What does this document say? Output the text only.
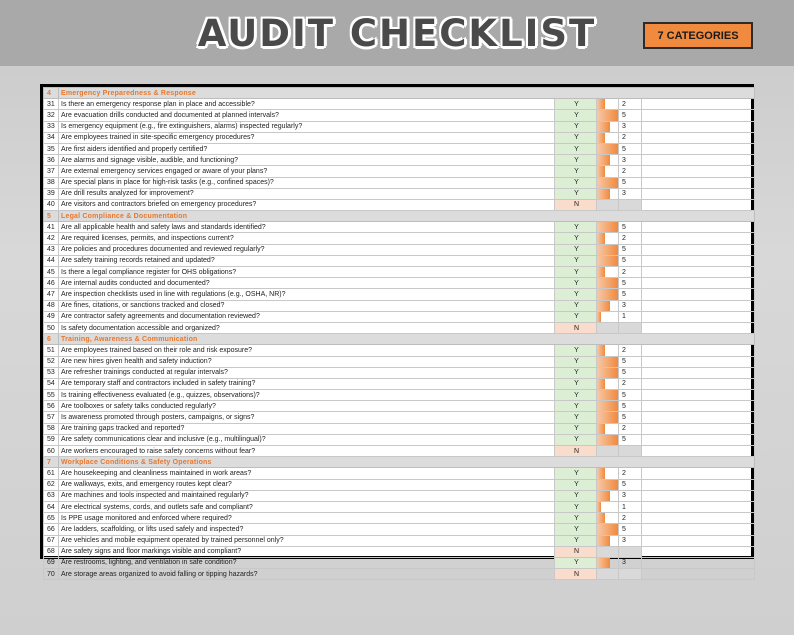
AUDIT CHECKLIST	7 CATEGORIES
4	Emergency Preparedness & Response				
31	Is there an emergency response plan in place and accessible?	Y		2	
32	Are evacuation drills conducted and documented at planned intervals?	Y		5	
33	Is emergency equipment (e.g., fire extinguishers, alarms) inspected regularly?	Y		3	
34	Are employees trained in site-specific emergency procedures?	Y		2	
35	Are first aiders identified and properly certified?	Y		5	
36	Are alarms and signage visible, audible, and functioning?	Y		3	
37	Are external emergency services engaged or aware of your plans?	Y		2	
38	Are special plans in place for high-risk tasks (e.g., confined spaces)?	Y		5	
39	Are drill results analyzed for improvement?	Y		3	
40	Are visitors and contractors briefed on emergency procedures?	N			
5	Legal Compliance & Documentation				
41	Are all applicable health and safety laws and standards identified?	Y		5	
42	Are required licenses, permits, and inspections current?	Y		2	
43	Are policies and procedures documented and reviewed regularly?	Y		5	
44	Are safety training records retained and updated?	Y		5	
45	Is there a legal compliance register for OHS obligations?	Y		2	
46	Are internal audits conducted and documented?	Y		5	
47	Are inspection checklists used in line with regulations (e.g., OSHA, NR)?	Y		5	
48	Are fines, citations, or sanctions tracked and closed?	Y		3	
49	Are contractor safety agreements and documentation reviewed?	Y		1	
50	Is safety documentation accessible and organized?	N			
6	Training, Awareness & Communication				
51	Are employees trained based on their role and risk exposure?	Y		2	
52	Are new hires given health and safety induction?	Y		5	
53	Are refresher trainings conducted at regular intervals?	Y		5	
54	Are temporary staff and contractors included in safety training?	Y		2	
55	Is training effectiveness evaluated (e.g., quizzes, observations)?	Y		5	
56	Are toolboxes or safety talks conducted regularly?	Y		5	
57	Is awareness promoted through posters, campaigns, or signs?	Y		5	
58	Are training gaps tracked and reported?	Y		2	
59	Are safety communications clear and inclusive (e.g., multilingual)?	Y		5	
60	Are workers encouraged to raise safety concerns without fear?	N			
7	Workplace Conditions & Safety Operations				
61	Are housekeeping and cleanliness maintained in work areas?	Y		2	
62	Are walkways, exits, and emergency routes kept clear?	Y		5	
63	Are machines and tools inspected and maintained regularly?	Y		3	
64	Are electrical systems, cords, and outlets safe and compliant?	Y		1	
65	Is PPE usage monitored and enforced where required?	Y		2	
66	Are ladders, scaffolding, or lifts used safely and inspected?	Y		5	
67	Are vehicles and mobile equipment operated by trained personnel only?	Y		3	
68	Are safety signs and floor markings visible and compliant?	N			
69	Are restrooms, lighting, and ventilation in safe condition?	Y		3	
70	Are storage areas organized to avoid falling or tipping hazards?	N			
